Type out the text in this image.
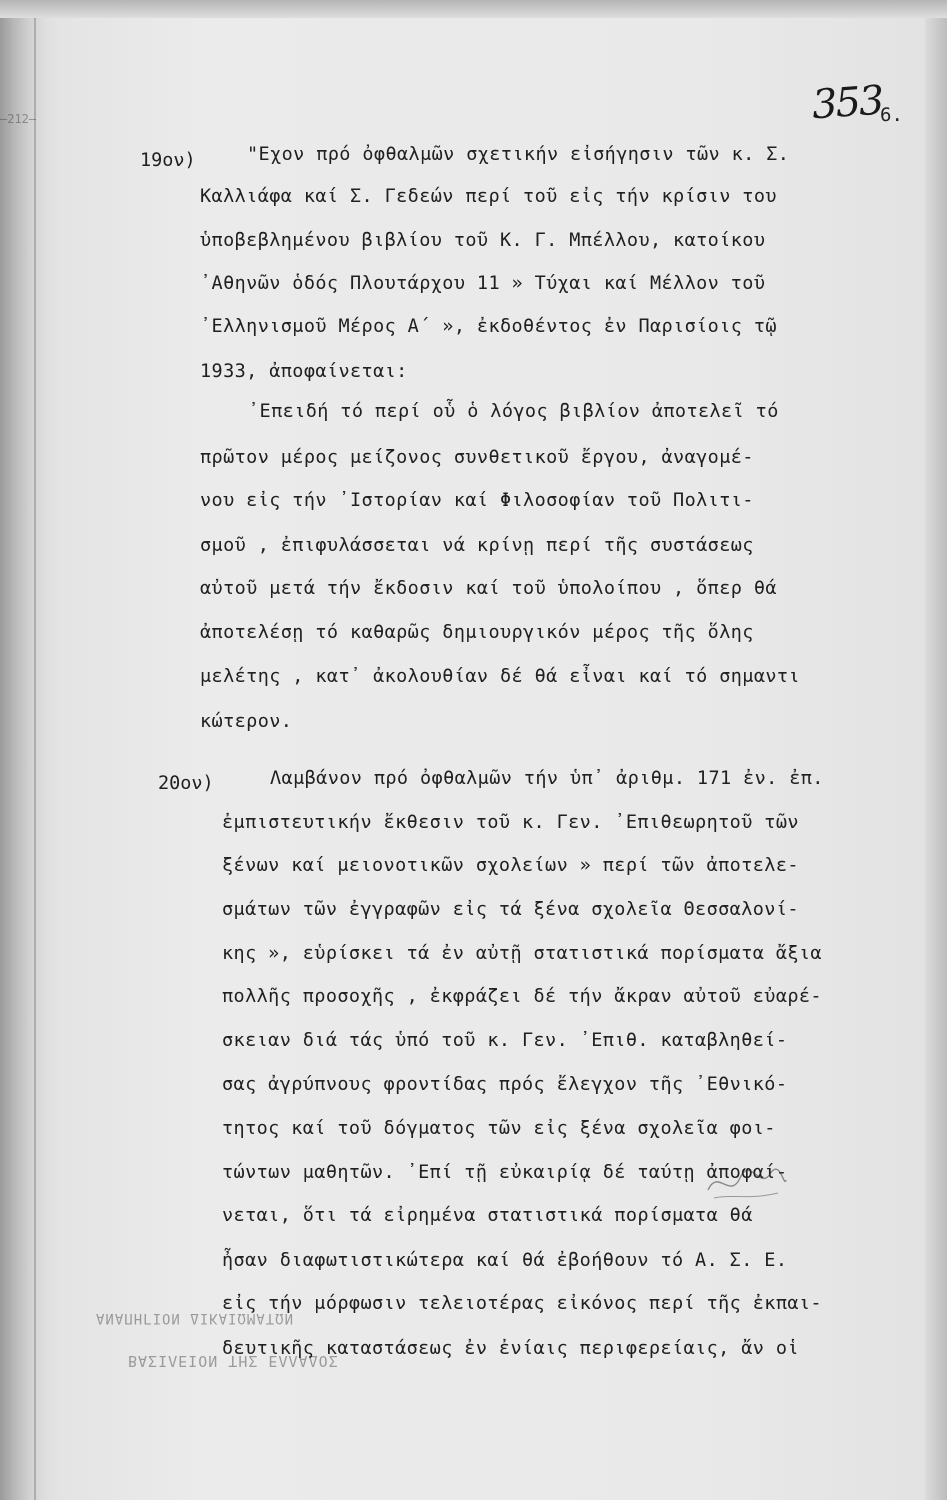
—212—
ΑΝΑΠΗΓΙΟΝ ΔΙΚΑΙΩΜΑΤΩΝ
ΒΑΣΙΛΕΙΟΝ ΤΗΣ ΕΛΛΑΔΟΣ
353
6.
19ον)	"Εχον πρό ὀφθαλμῶν σχετικήν εἰσήγησιν τῶν κ. Σ.
Καλλιάφα καί Σ. Γεδεών περί τοῦ εἰς τήν κρίσιν του
ὑποβεβλημένου βιβλίου τοῦ Κ. Γ. Μπέλλου, κατοίκου
᾽Αθηνῶν ὁδός Πλουτάρχου 11 » Τύχαι καί Μέλλον τοῦ
᾽Ελληνισμοῦ Μέρος Α´ », ἐκδοθέντος ἐν Παρισίοις τῷ
1933, ἀποφαίνεται:
᾽Επειδή τό περί οὗ ὁ λόγος βιβλίον ἀποτελεῖ τό
πρῶτον μέρος μείζονος συνθετικοῦ ἔργου, ἀναγομέ-
νου εἰς τήν ᾽Ιστορίαν καί Φιλοσοφίαν τοῦ Πολιτι-
σμοῦ , ἐπιφυλάσσεται νά κρίνῃ περί τῆς συστάσεως
αὐτοῦ μετά τήν ἔκδοσιν καί τοῦ ὑπολοίπου , ὅπερ θά
ἀποτελέσῃ τό καθαρῶς δημιουργικόν μέρος τῆς ὅλης
μελέτης , κατ᾽ ἀκολουθίαν δέ θά εἶναι καί τό σημαντι
κώτερον.
20ον)	Λαμβάνον πρό ὀφθαλμῶν τήν ὑπ᾽ ἀριθμ. 171 ἐν. ἐπ.
ἐμπιστευτικήν ἔκθεσιν τοῦ κ. Γεν. ᾽Επιθεωρητοῦ τῶν
ξένων καί μειονοτικῶν σχολείων » περί τῶν ἀποτελε-
σμάτων τῶν ἐγγραφῶν εἰς τά ξένα σχολεῖα Θεσσαλονί-
κης », εὑρίσκει τά ἐν αὐτῇ στατιστικά πορίσματα ἄξια
πολλῆς προσοχῆς , ἐκφράζει δέ τήν ἄκραν αὐτοῦ εὐαρέ-
σκειαν διά τάς ὑπό τοῦ κ. Γεν. ᾽Επιθ. καταβληθεί-
σας ἀγρύπνους φροντίδας πρός ἔλεγχον τῆς ᾽Εθνικό-
τητος καί τοῦ δόγματος τῶν εἰς ξένα σχολεῖα φοι-
τώντων μαθητῶν. ᾽Επί τῇ εὐκαιρίᾳ δέ ταύτῃ ἀποφαί-
νεται, ὅτι τά εἰρημένα στατιστικά πορίσματα θά
ἦσαν διαφωτιστικώτερα καί θά ἐβοήθουν τό Α. Σ. Ε.
εἰς τήν μόρφωσιν τελειοτέρας εἰκόνος περί τῆς ἐκπαι-
δευτικῆς καταστάσεως ἐν ἐνίαις περιφερείαις, ἄν οἱ
